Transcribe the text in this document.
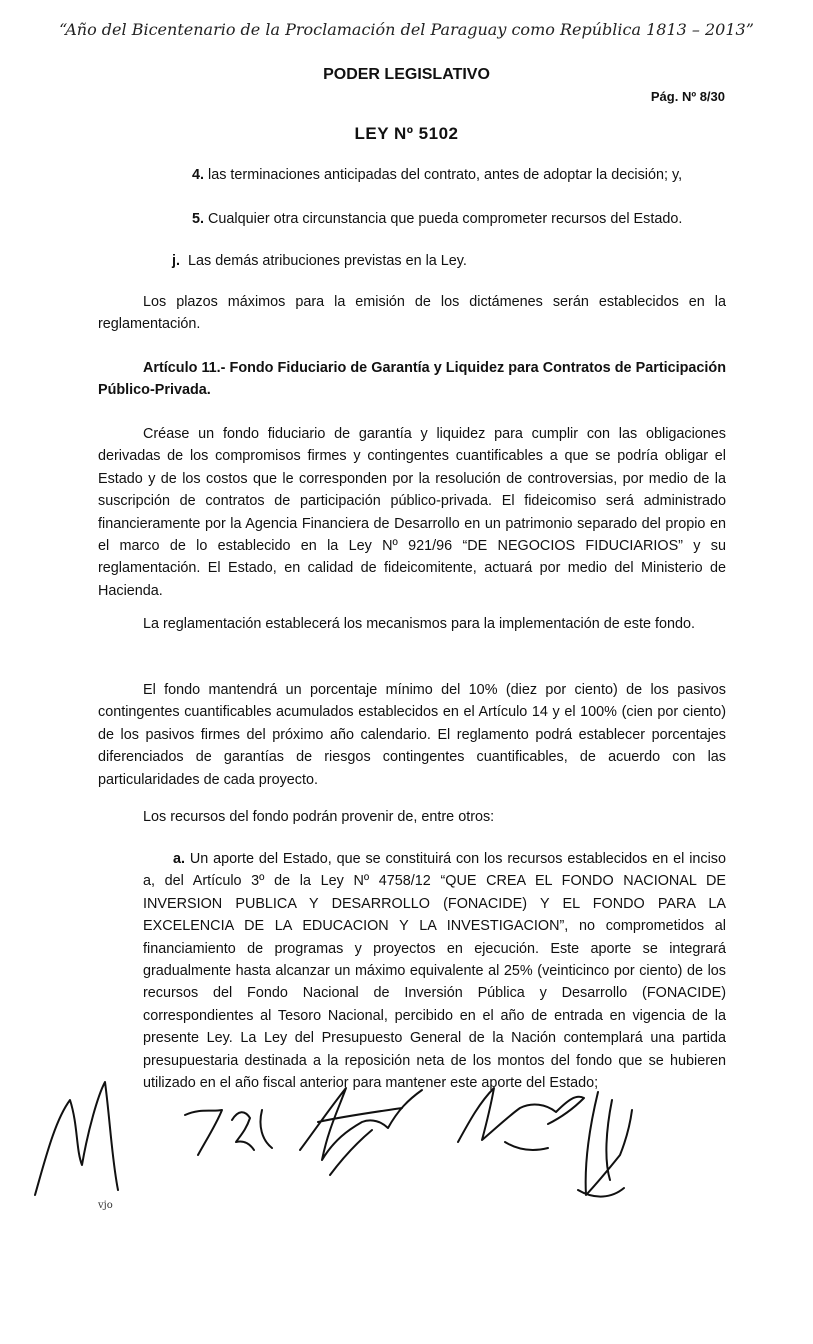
“Año del Bicentenario de la Proclamación del Paraguay como República 1813 – 2013”
PODER LEGISLATIVO
Pág. Nº 8/30
LEY Nº 5102

4. las terminaciones anticipadas del contrato, antes de adoptar la decisión; y,

5. Cualquier otra circunstancia que pueda comprometer recursos del Estado.

j.  Las demás atribuciones previstas en la Ley.

Los plazos máximos para la emisión de los dictámenes serán establecidos en la reglamentación.

Artículo 11.- Fondo Fiduciario de Garantía y Liquidez para Contratos de Participación Público-Privada.

Créase un fondo fiduciario de garantía y liquidez para cumplir con las obligaciones derivadas de los compromisos firmes y contingentes cuantificables a que se podría obligar el Estado y de los costos que le corresponden por la resolución de controversias, por medio de la suscripción de contratos de participación público-privada. El fideicomiso será administrado financieramente por la Agencia Financiera de Desarrollo en un patrimonio separado del propio en el marco de lo establecido en la Ley Nº 921/96 “DE NEGOCIOS FIDUCIARIOS” y su reglamentación. El Estado, en calidad de fideicomitente, actuará por medio del Ministerio de Hacienda.

La reglamentación establecerá los mecanismos para la implementación de este fondo.

El fondo mantendrá un porcentaje mínimo del 10% (diez por ciento) de los pasivos contingentes cuantificables acumulados establecidos en el Artículo 14 y el 100% (cien por ciento) de los pasivos firmes del próximo año calendario. El reglamento podrá establecer porcentajes diferenciados de garantías de riesgos contingentes cuantificables, de acuerdo con las particularidades de cada proyecto.

Los recursos del fondo podrán provenir de, entre otros:

a. Un aporte del Estado, que se constituirá con los recursos establecidos en el inciso a, del Artículo 3º de la Ley Nº 4758/12 “QUE CREA EL FONDO NACIONAL DE INVERSION PUBLICA Y DESARROLLO (FONACIDE) Y EL FONDO PARA LA EXCELENCIA DE LA EDUCACION Y LA INVESTIGACION”, no comprometidos al financiamiento de programas y proyectos en ejecución. Este aporte se integrará gradualmente hasta alcanzar un máximo equivalente al 25% (veinticinco por ciento) de los recursos del Fondo Nacional de Inversión Pública y Desarrollo (FONACIDE) correspondientes al Tesoro Nacional, percibido en el año de entrada en vigencia de la presente Ley. La Ley del Presupuesto General de la Nación contemplará una partida presupuestaria destinada a la reposición neta de los montos del fondo que se hubieren utilizado en el año fiscal anterior para mantener este aporte del Estado;

vjo
